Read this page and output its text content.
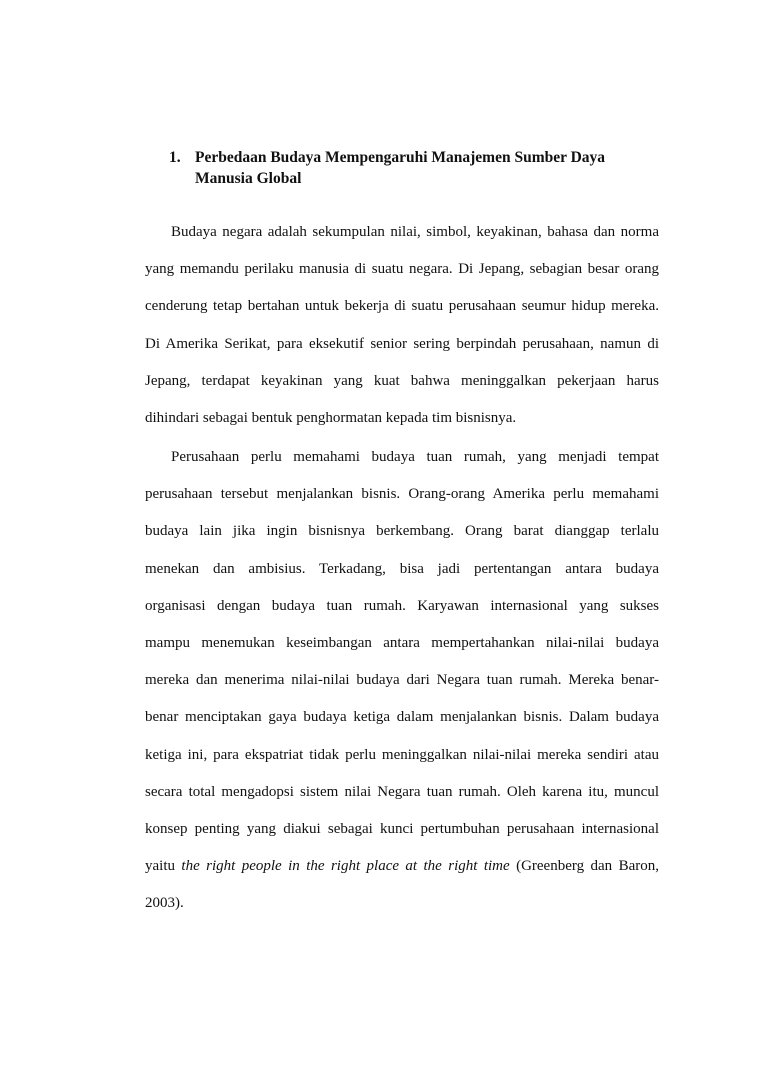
1. Perbedaan Budaya Mempengaruhi Manajemen Sumber Daya
Manusia Global
Budaya negara adalah sekumpulan nilai, simbol, keyakinan, bahasa dan norma
yang memandu perilaku manusia di suatu negara. Di Jepang, sebagian besar orang
cenderung tetap bertahan untuk bekerja di suatu perusahaan seumur hidup mereka.
Di Amerika Serikat, para eksekutif senior sering berpindah perusahaan, namun di
Jepang, terdapat keyakinan yang kuat bahwa meninggalkan pekerjaan harus
dihindari sebagai bentuk penghormatan kepada tim bisnisnya.
Perusahaan perlu memahami budaya tuan rumah, yang menjadi tempat
perusahaan tersebut menjalankan bisnis. Orang-orang Amerika perlu memahami
budaya lain jika ingin bisnisnya berkembang. Orang barat dianggap terlalu
menekan dan ambisius. Terkadang, bisa jadi pertentangan antara budaya
organisasi dengan budaya tuan rumah. Karyawan internasional yang sukses
mampu menemukan keseimbangan antara mempertahankan nilai-nilai budaya
mereka dan menerima nilai-nilai budaya dari Negara tuan rumah. Mereka benar-
benar menciptakan gaya budaya ketiga dalam menjalankan bisnis. Dalam budaya
ketiga ini, para ekspatriat tidak perlu meninggalkan nilai-nilai mereka sendiri atau
secara total mengadopsi sistem nilai Negara tuan rumah. Oleh karena itu, muncul
konsep penting yang diakui sebagai kunci pertumbuhan perusahaan internasional
yaitu the right people in the right place at the right time (Greenberg dan Baron,
2003).
